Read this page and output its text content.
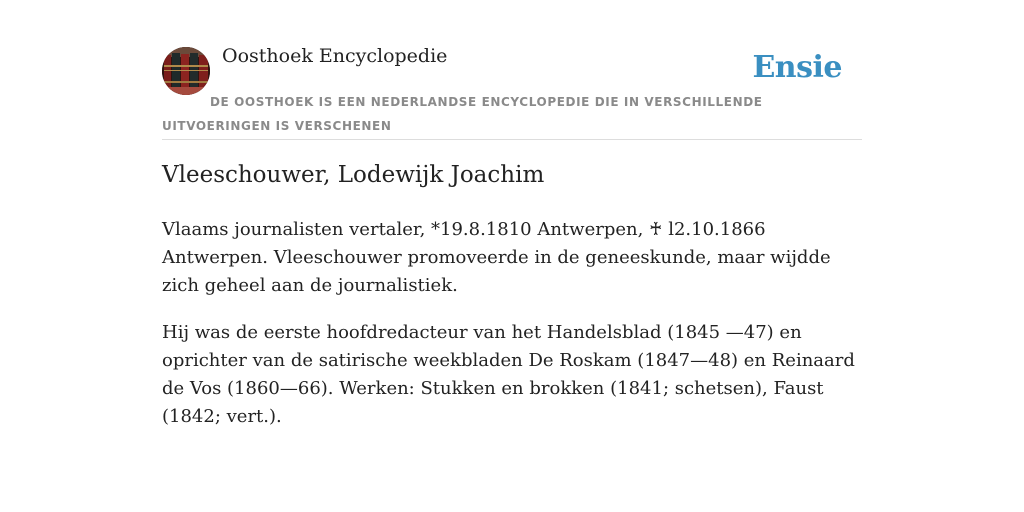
Oosthoek Encyclopedie	Ensie
DE OOSTHOEK IS EEN NEDERLANDSE ENCYCLOPEDIE DIE IN VERSCHILLENDE UITVOERINGEN IS VERSCHENEN
Vleeschouwer, Lodewijk Joachim

Vlaams journalisten vertaler, *19.8.1810 Antwerpen, ♰ l2.10.1866 Antwerpen. Vleeschouwer promoveerde in de geneeskunde, maar wijdde zich geheel aan de journalistiek.

Hij was de eerste hoofdredacteur van het Handelsblad (1845 —47) en oprichter van de satirische weekbladen De Roskam (1847—48) en Reinaard de Vos (1860—66). Werken: Stukken en brokken (1841; schetsen), Faust (1842; vert.).
